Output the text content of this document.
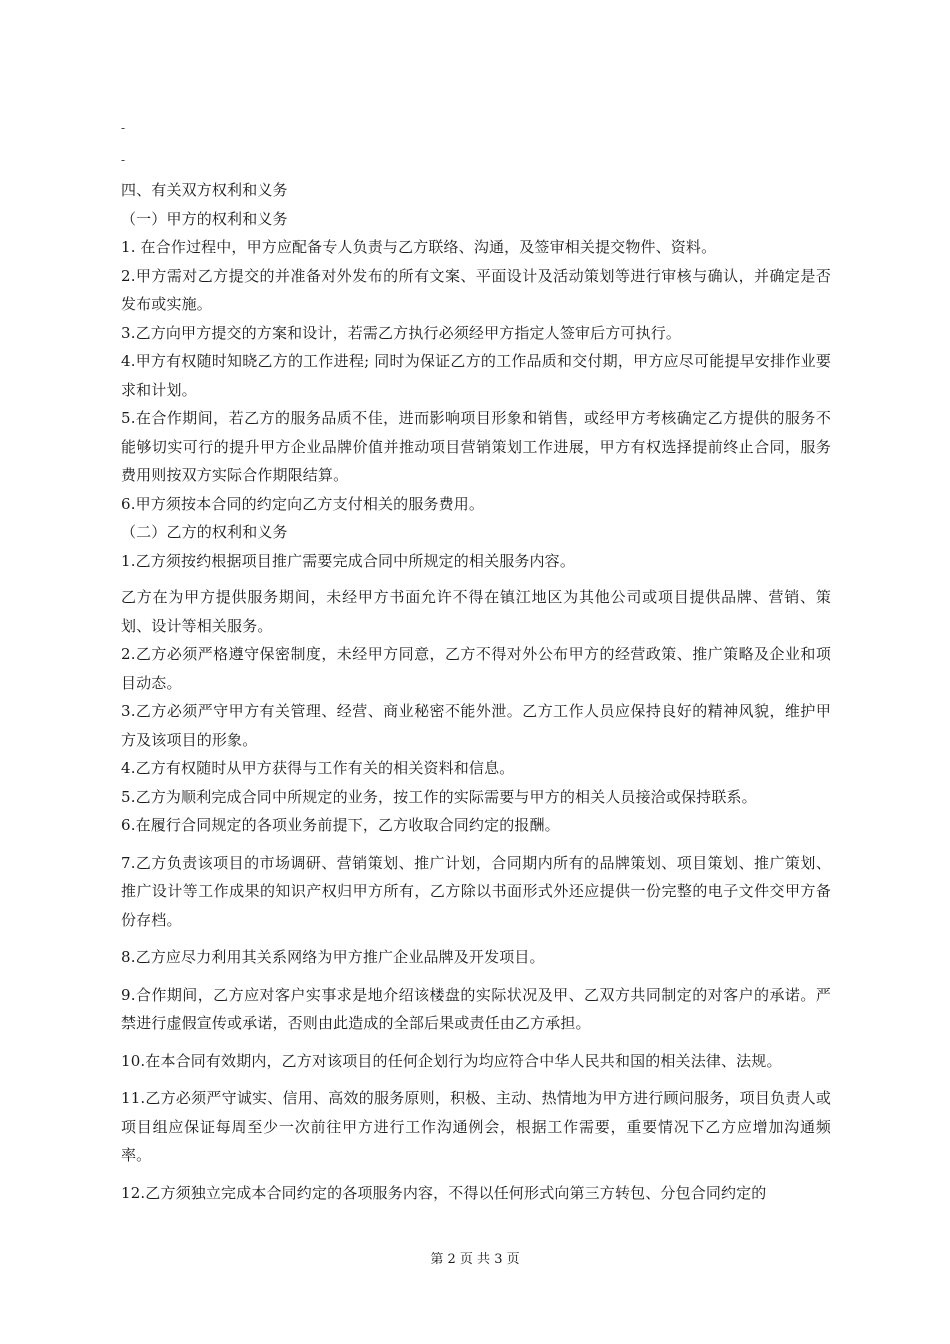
-
-

四、有关双方权利和义务

（一）甲方的权利和义务

1. 在合作过程中，甲方应配备专人负责与乙方联络、沟通，及签审相关提交物件、资料。

2.甲方需对乙方提交的并准备对外发布的所有文案、平面设计及活动策划等进行审核与确认，并确定是否发布或实施。

3.乙方向甲方提交的方案和设计，若需乙方执行必须经甲方指定人签审后方可执行。

4.甲方有权随时知晓乙方的工作进程; 同时为保证乙方的工作品质和交付期，甲方应尽可能提早安排作业要求和计划。

5.在合作期间，若乙方的服务品质不佳，进而影响项目形象和销售，或经甲方考核确定乙方提供的服务不能够切实可行的提升甲方企业品牌价值并推动项目营销策划工作进展，甲方有权选择提前终止合同，服务费用则按双方实际合作期限结算。

6.甲方须按本合同的约定向乙方支付相关的服务费用。

（二）乙方的权利和义务

1.乙方须按约根据项目推广需要完成合同中所规定的相关服务内容。

乙方在为甲方提供服务期间，未经甲方书面允许不得在镇江地区为其他公司或项目提供品牌、营销、策划、设计等相关服务。

2.乙方必须严格遵守保密制度，未经甲方同意，乙方不得对外公布甲方的经营政策、推广策略及企业和项目动态。

3.乙方必须严守甲方有关管理、经营、商业秘密不能外泄。乙方工作人员应保持良好的精神风貌，维护甲方及该项目的形象。

4.乙方有权随时从甲方获得与工作有关的相关资料和信息。

5.乙方为顺利完成合同中所规定的业务，按工作的实际需要与甲方的相关人员接洽或保持联系。

6.在履行合同规定的各项业务前提下，乙方收取合同约定的报酬。

7.乙方负责该项目的市场调研、营销策划、推广计划，合同期内所有的品牌策划、项目策划、推广策划、推广设计等工作成果的知识产权归甲方所有，乙方除以书面形式外还应提供一份完整的电子文件交甲方备份存档。

8.乙方应尽力利用其关系网络为甲方推广企业品牌及开发项目。

9.合作期间，乙方应对客户实事求是地介绍该楼盘的实际状况及甲、乙双方共同制定的对客户的承诺。严禁进行虚假宣传或承诺，否则由此造成的全部后果或责任由乙方承担。

10.在本合同有效期内，乙方对该项目的任何企划行为均应符合中华人民共和国的相关法律、法规。

11.乙方必须严守诚实、信用、高效的服务原则，积极、主动、热情地为甲方进行顾问服务，项目负责人或项目组应保证每周至少一次前往甲方进行工作沟通例会，根据工作需要，重要情况下乙方应增加沟通频率。

12.乙方须独立完成本合同约定的各项服务内容，不得以任何形式向第三方转包、分包合同约定的

第 2 页 共 3 页
